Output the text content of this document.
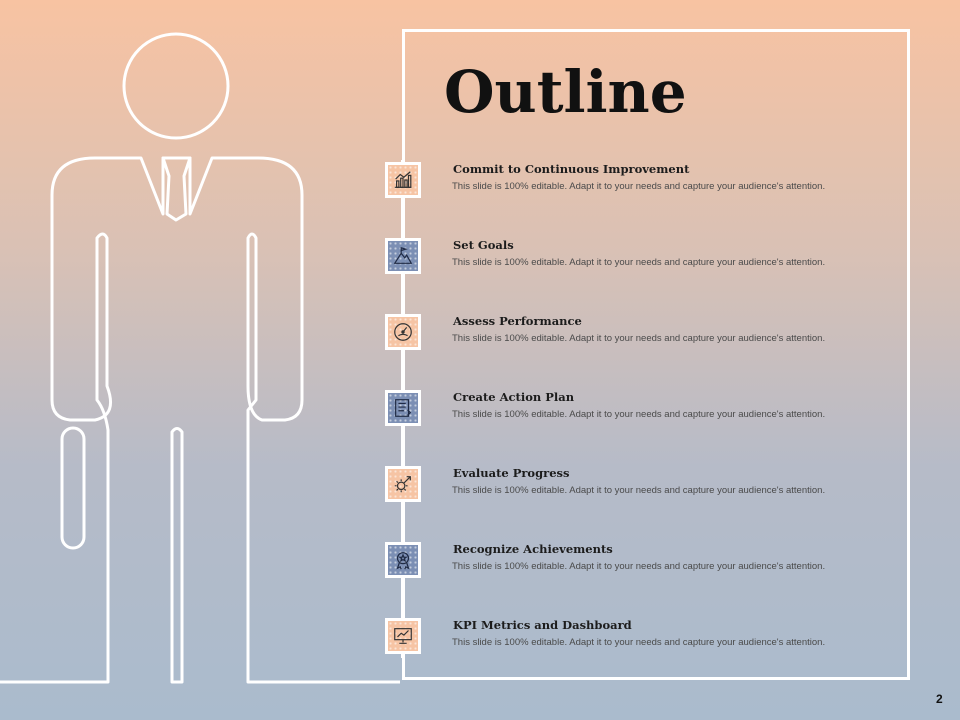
Outline
Commit to Continuous Improvement
This slide is 100% editable. Adapt it to your needs and capture your audience's attention.
Set Goals
This slide is 100% editable. Adapt it to your needs and capture your audience's attention.
Assess Performance
This slide is 100% editable. Adapt it to your needs and capture your audience's attention.
Create Action Plan
This slide is 100% editable. Adapt it to your needs and capture your audience's attention.
Evaluate Progress
This slide is 100% editable. Adapt it to your needs and capture your audience's attention.
Recognize Achievements
This slide is 100% editable. Adapt it to your needs and capture your audience's attention.
KPI Metrics and Dashboard
This slide is 100% editable. Adapt it to your needs and capture your audience's attention.
2
